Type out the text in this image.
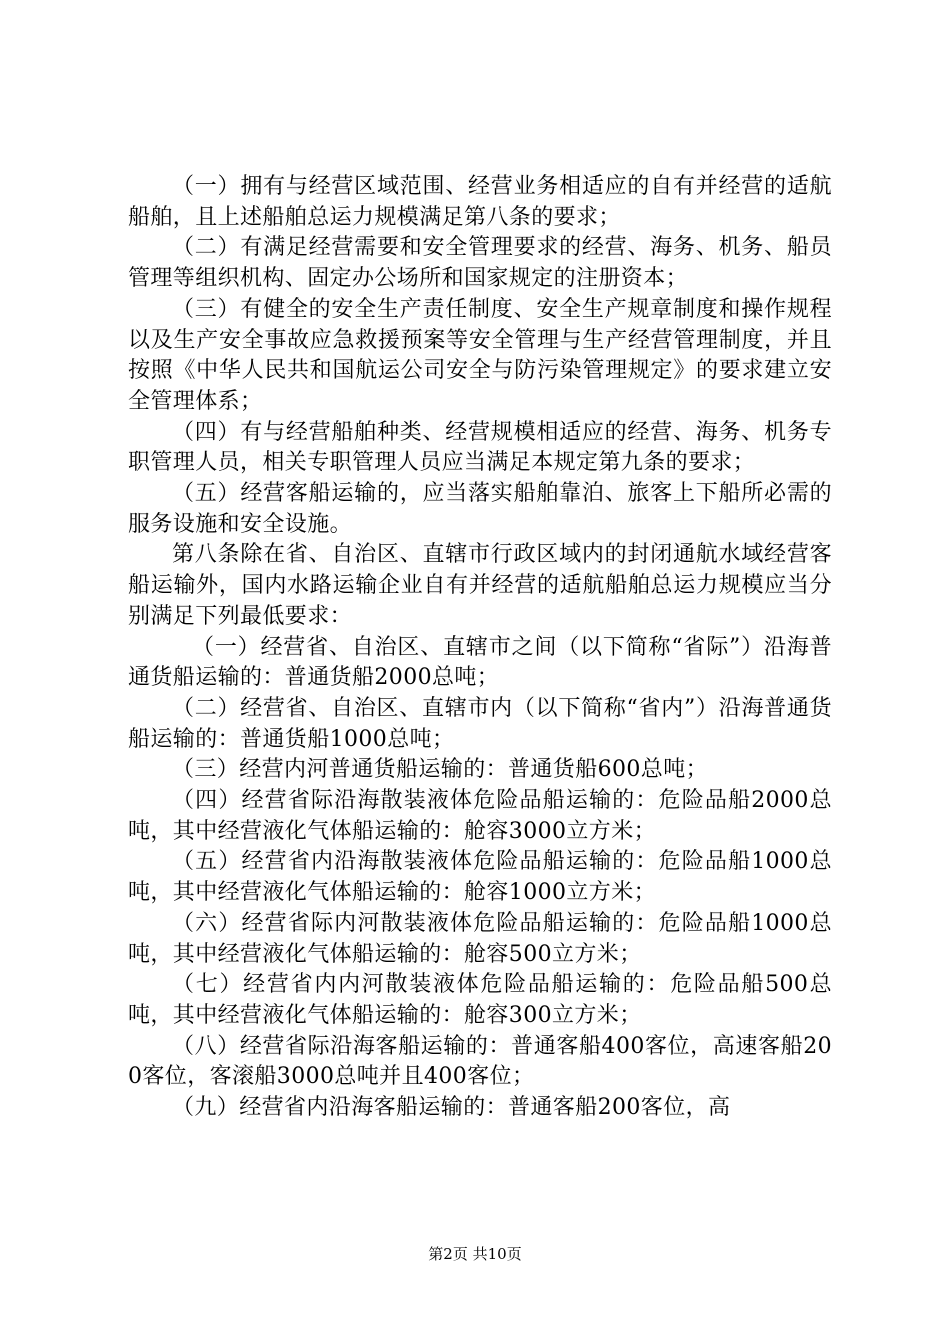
（一）拥有与经营区域范围、经营业务相适应的自有并经营的适航船舶，且上述船舶总运力规模满足第八条的要求；

（二）有满足经营需要和安全管理要求的经营、海务、机务、船员管理等组织机构、固定办公场所和国家规定的注册资本；

（三）有健全的安全生产责任制度、安全生产规章制度和操作规程以及生产安全事故应急救援预案等安全管理与生产经营管理制度，并且按照《中华人民共和国航运公司安全与防污染管理规定》的要求建立安全管理体系；

（四）有与经营船舶种类、经营规模相适应的经营、海务、机务专职管理人员，相关专职管理人员应当满足本规定第九条的要求；

（五）经营客船运输的，应当落实船舶靠泊、旅客上下船所必需的服务设施和安全设施。

第八条除在省、自治区、直辖市行政区域内的封闭通航水域经营客船运输外，国内水路运输企业自有并经营的适航船舶总运力规模应当分别满足下列最低要求：

（一）经营省、自治区、直辖市之间（以下简称“省际”）沿海普通货船运输的：普通货船2000总吨；

（二）经营省、自治区、直辖市内（以下简称“省内”）沿海普通货船运输的：普通货船1000总吨；

（三）经营内河普通货船运输的：普通货船600总吨；

（四）经营省际沿海散装液体危险品船运输的：危险品船2000总吨，其中经营液化气体船运输的：舱容3000立方米；

（五）经营省内沿海散装液体危险品船运输的：危险品船1000总吨，其中经营液化气体船运输的：舱容1000立方米；

（六）经营省际内河散装液体危险品船运输的：危险品船1000总吨，其中经营液化气体船运输的：舱容500立方米；

（七）经营省内内河散装液体危险品船运输的：危险品船500总吨，其中经营液化气体船运输的：舱容300立方米；

（八）经营省际沿海客船运输的：普通客船400客位，高速客船200客位，客滚船3000总吨并且400客位；

（九）经营省内沿海客船运输的：普通客船200客位，高

第2页 共10页
